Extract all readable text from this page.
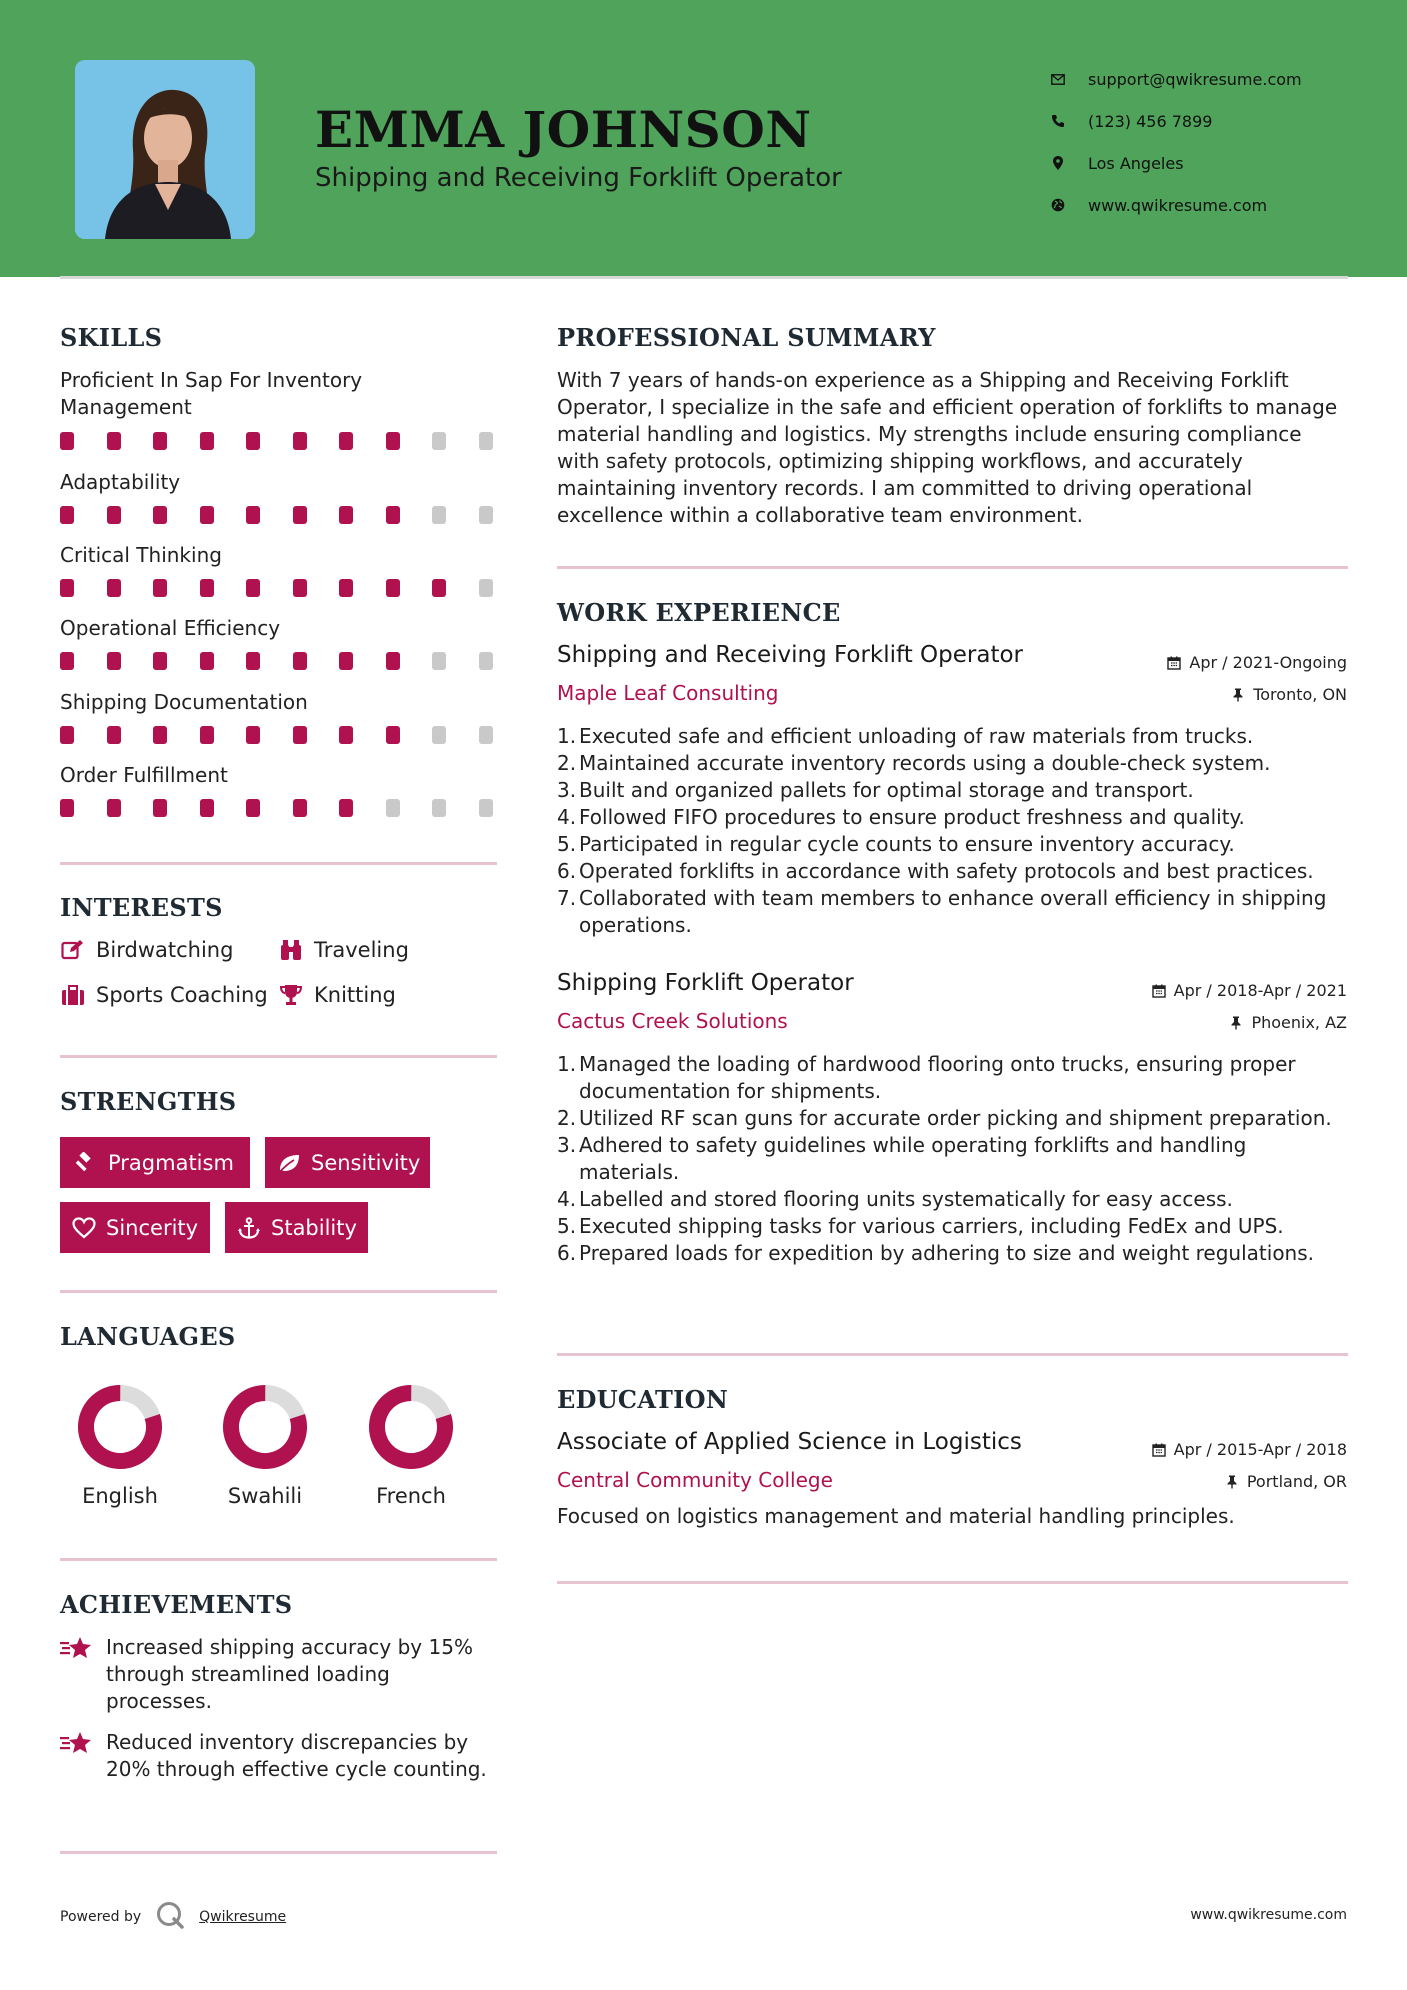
EMMA JOHNSON
Shipping and Receiving Forklift Operator
support@qwikresume.com
(123) 456 7899
Los Angeles
www.qwikresume.com
SKILLS
Proficient In Sap For Inventory Management
Adaptability
Critical Thinking
Operational Efficiency
Shipping Documentation
Order Fulfillment
INTERESTS
Birdwatching	Traveling
Sports Coaching Knitting
STRENGTHS
Pragmatism	Sensitivity
Sincerity	Stability
LANGUAGES
English	Swahili	French
ACHIEVEMENTS
Increased shipping accuracy by 15% through streamlined loading processes.
Reduced inventory discrepancies by 20% through effective cycle counting.
PROFESSIONAL SUMMARY
With 7 years of hands-on experience as a Shipping and Receiving Forklift Operator, I specialize in the safe and efficient operation of forklifts to manage material handling and logistics. My strengths include ensuring compliance with safety protocols, optimizing shipping workflows, and accurately maintaining inventory records. I am committed to driving operational excellence within a collaborative team environment.
WORK EXPERIENCE
Shipping and Receiving Forklift Operator	Apr / 2021-Ongoing
Maple Leaf Consulting	Toronto, ON
1. Executed safe and efficient unloading of raw materials from trucks.
2. Maintained accurate inventory records using a double-check system.
3. Built and organized pallets for optimal storage and transport.
4. Followed FIFO procedures to ensure product freshness and quality.
5. Participated in regular cycle counts to ensure inventory accuracy.
6. Operated forklifts in accordance with safety protocols and best practices.
7. Collaborated with team members to enhance overall efficiency in shipping operations.
Shipping Forklift Operator	Apr / 2018-Apr / 2021
Cactus Creek Solutions	Phoenix, AZ
1. Managed the loading of hardwood flooring onto trucks, ensuring proper documentation for shipments.
2. Utilized RF scan guns for accurate order picking and shipment preparation.
3. Adhered to safety guidelines while operating forklifts and handling materials.
4. Labelled and stored flooring units systematically for easy access.
5. Executed shipping tasks for various carriers, including FedEx and UPS.
6. Prepared loads for expedition by adhering to size and weight regulations.
EDUCATION
Associate of Applied Science in Logistics	Apr / 2015-Apr / 2018
Central Community College	Portland, OR
Focused on logistics management and material handling principles.
Powered by	Qwikresume	www.qwikresume.com
